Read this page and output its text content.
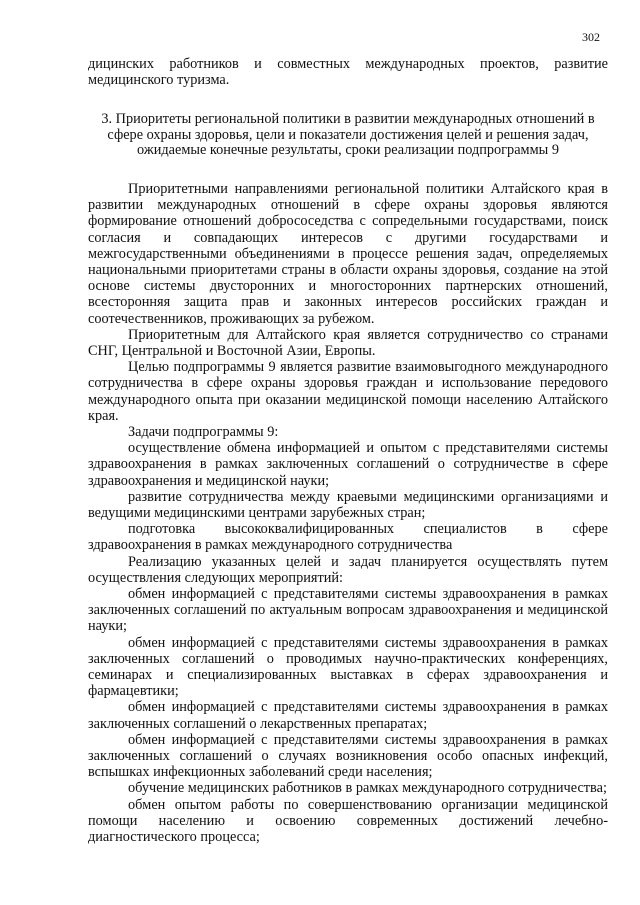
302

дицинских работников и совместных международных проектов, развитие медицинского туризма.

3. Приоритеты региональной политики в развитии международных отношений в сфере охраны здоровья, цели и показатели достижения целей и решения задач, ожидаемые конечные результаты, сроки реализации подпрограммы 9

Приоритетными направлениями региональной политики Алтайского края в развитии международных отношений в сфере охраны здоровья являются формирование отношений добрососедства с сопредельными государствами, поиск согласия и совпадающих интересов с другими государствами и межгосударственными объединениями в процессе решения задач, определяемых национальными приоритетами страны в области охраны здоровья, создание на этой основе системы двусторонних и многосторонних партнерских отношений, всесторонняя защита прав и законных интересов российских граждан и соотечественников, проживающих за рубежом.

Приоритетным для Алтайского края является сотрудничество со странами СНГ, Центральной и Восточной Азии, Европы.

Целью подпрограммы 9 является развитие взаимовыгодного международного сотрудничества в сфере охраны здоровья граждан и использование передового международного опыта при оказании медицинской помощи населению Алтайского края.

Задачи подпрограммы 9:

осуществление обмена информацией и опытом с представителями системы здравоохранения в рамках заключенных соглашений о сотрудничестве в сфере здравоохранения и медицинской науки;

развитие сотрудничества между краевыми медицинскими организациями и ведущими медицинскими центрами зарубежных стран;

подготовка высококвалифицированных специалистов в сфере здравоохранения в рамках международного сотрудничества

Реализацию указанных целей и задач планируется осуществлять путем осуществления следующих мероприятий:

обмен информацией с представителями системы здравоохранения в рамках заключенных соглашений по актуальным вопросам здравоохранения и медицинской науки;

обмен информацией с представителями системы здравоохранения в рамках заключенных соглашений о проводимых научно-практических конференциях, семинарах и специализированных выставках в сферах здравоохранения и фармацевтики;

обмен информацией с представителями системы здравоохранения в рамках заключенных соглашений о лекарственных препаратах;

обмен информацией с представителями системы здравоохранения в рамках заключенных соглашений о случаях возникновения особо опасных инфекций, вспышках инфекционных заболеваний среди населения;

обучение медицинских работников в рамках международного сотрудничества;

обмен опытом работы по совершенствованию организации медицинской помощи населению и освоению современных достижений лечебно-диагностического процесса;
